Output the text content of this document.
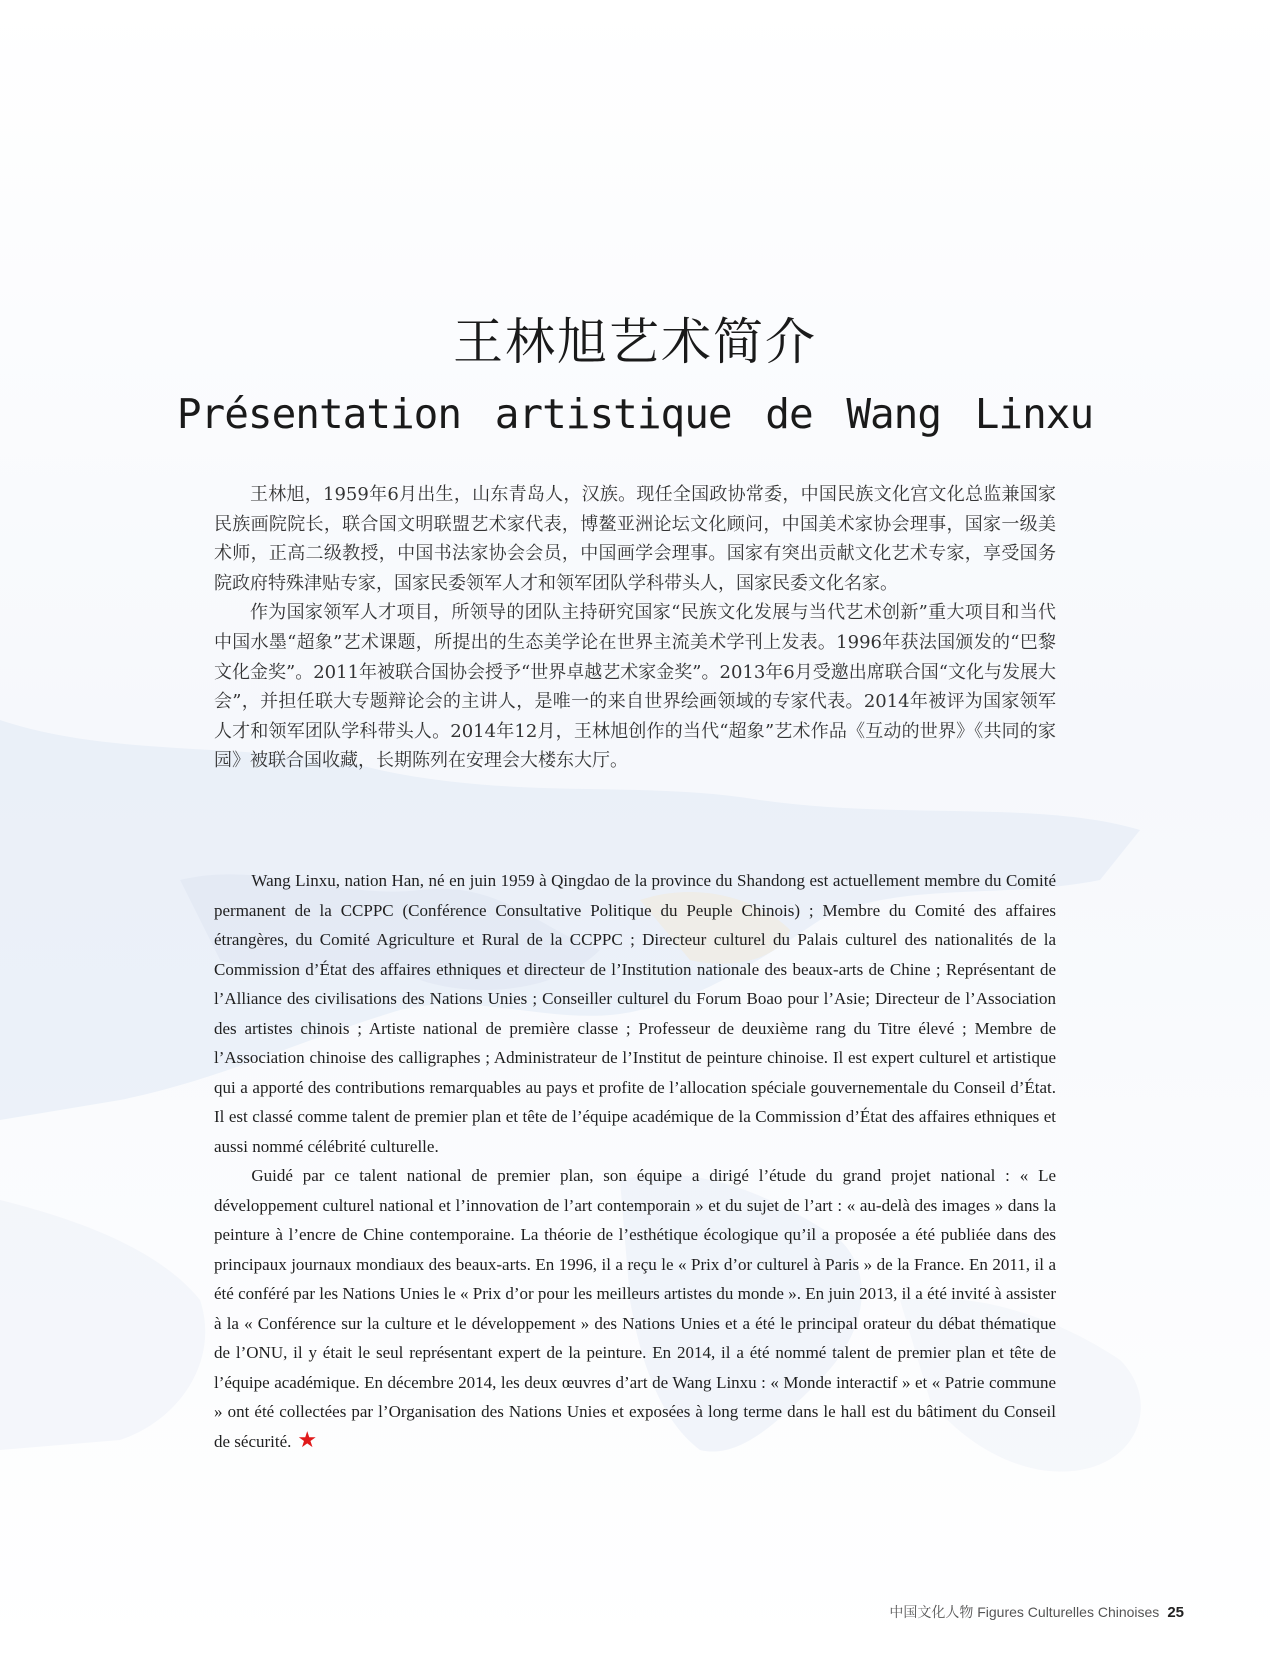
王林旭艺术简介
Présentation artistique de Wang Linxu

王林旭，1959年6月出生，山东青岛人，汉族。现任全国政协常委，中国民族文化宫文化总监兼国家民族画院院长，联合国文明联盟艺术家代表，博鳌亚洲论坛文化顾问，中国美术家协会理事，国家一级美术师，正高二级教授，中国书法家协会会员，中国画学会理事。国家有突出贡献文化艺术专家，享受国务院政府特殊津贴专家，国家民委领军人才和领军团队学科带头人，国家民委文化名家。

作为国家领军人才项目，所领导的团队主持研究国家“民族文化发展与当代艺术创新”重大项目和当代中国水墨“超象”艺术课题，所提出的生态美学论在世界主流美术学刊上发表。1996年获法国颁发的“巴黎文化金奖”。2011年被联合国协会授予“世界卓越艺术家金奖”。2013年6月受邀出席联合国“文化与发展大会”，并担任联大专题辩论会的主讲人，是唯一的来自世界绘画领域的专家代表。2014年被评为国家领军人才和领军团队学科带头人。2014年12月，王林旭创作的当代“超象”艺术作品《互动的世界》《共同的家园》被联合国收藏，长期陈列在安理会大楼东大厅。

Wang Linxu, nation Han, né en juin 1959 à Qingdao de la province du Shandong est actuellement membre du Comité permanent de la CCPPC (Conférence Consultative Politique du Peuple Chinois) ; Membre du Comité des affaires étrangères, du Comité Agriculture et Rural de la CCPPC ; Directeur culturel du Palais culturel des nationalités de la Commission d’État des affaires ethniques et directeur de l’Institution nationale des beaux-arts de Chine ; Représentant de l’Alliance des civilisations des Nations Unies ; Conseiller culturel du Forum Boao pour l’Asie; Directeur de l’Association des artistes chinois ; Artiste national de première classe ; Professeur de deuxième rang du Titre élevé ; Membre de l’Association chinoise des calligraphes ; Administrateur de l’Institut de peinture chinoise. Il est expert culturel et artistique qui a apporté des contributions remarquables au pays et profite de l’allocation spéciale gouvernementale du Conseil d’État. Il est classé comme talent de premier plan et tête de l’équipe académique de la Commission d’État des affaires ethniques et aussi nommé célébrité culturelle.

Guidé par ce talent national de premier plan, son équipe a dirigé l’étude du grand projet national : « Le développement culturel national et l’innovation de l’art contemporain » et du sujet de l’art : « au-delà des images » dans la peinture à l’encre de Chine contemporaine. La théorie de l’esthétique écologique qu’il a proposée a été publiée dans des principaux journaux mondiaux des beaux-arts. En 1996, il a reçu le « Prix d’or culturel à Paris » de la France. En 2011, il a été conféré par les Nations Unies le « Prix d’or pour les meilleurs artistes du monde ». En juin 2013, il a été invité à assister à la « Conférence sur la culture et le développement » des Nations Unies et a été le principal orateur du débat thématique de l’ONU, il y était le seul représentant expert de la peinture. En 2014, il a été nommé talent de premier plan et tête de l’équipe académique. En décembre 2014, les deux œuvres d’art de Wang Linxu : « Monde interactif » et « Patrie commune » ont été collectées par l’Organisation des Nations Unies et exposées à long terme dans le hall est du bâtiment du Conseil de sécurité. ★

中国文化人物 Figures Culturelles Chinoises 25
